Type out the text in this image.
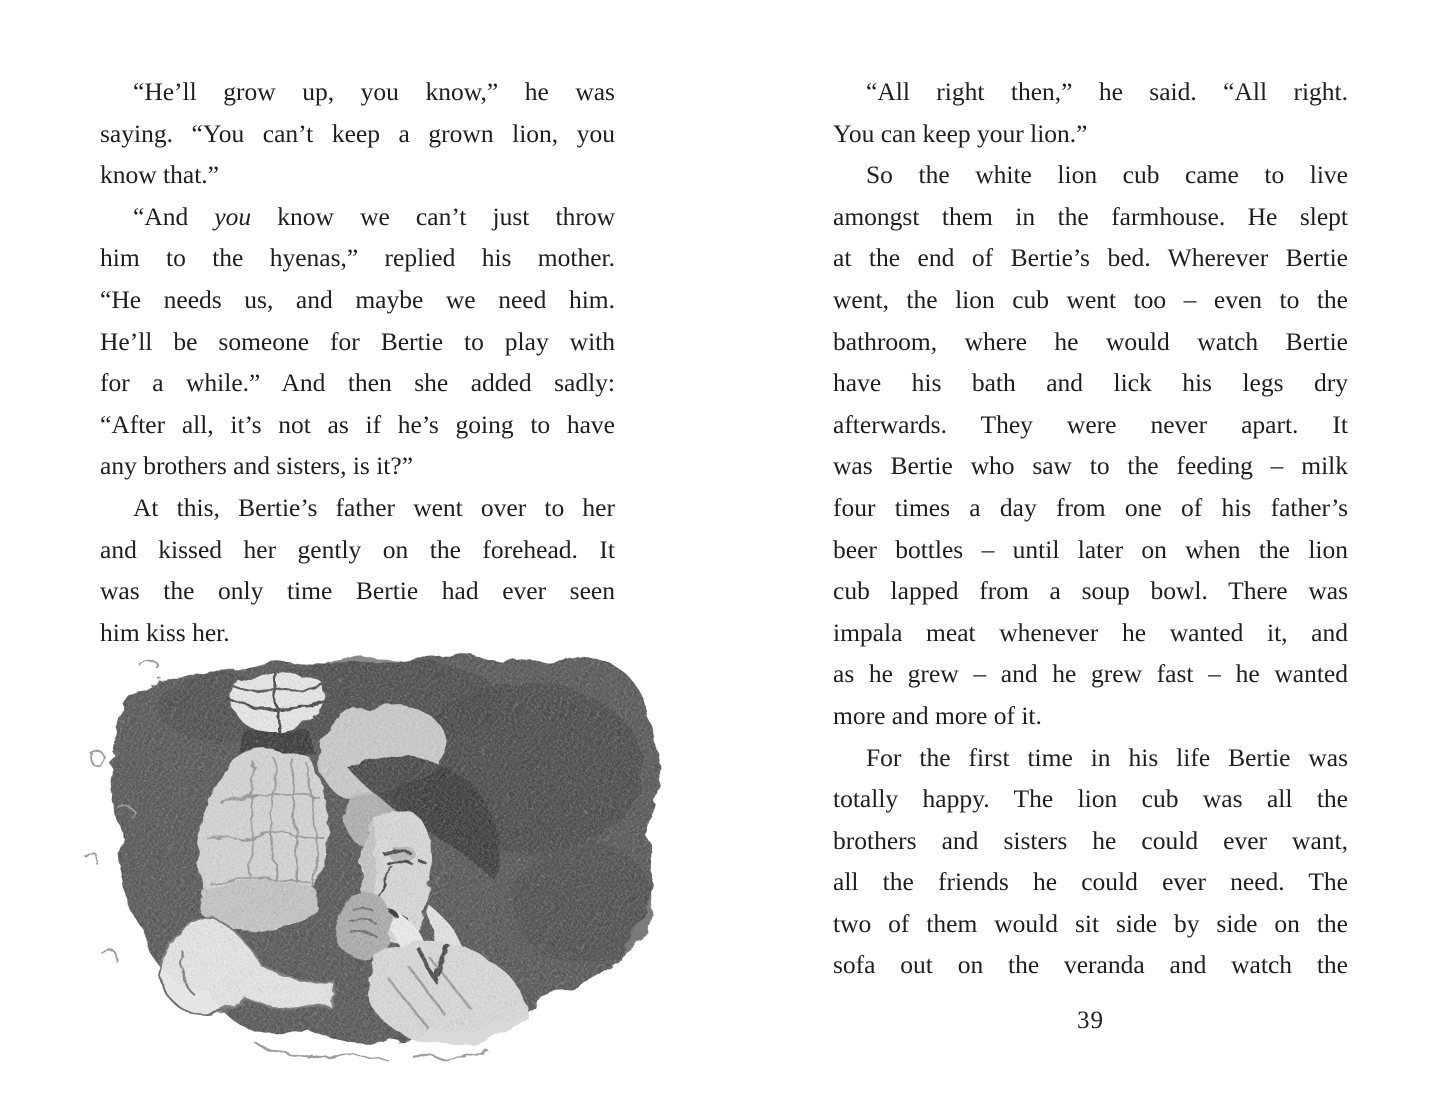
“He’ll grow up, you know,” he was
saying. “You can’t keep a grown lion, you
know that.”
“And you know we can’t just throw
him to the hyenas,” replied his mother.
“He needs us, and maybe we need him.
He’ll be someone for Bertie to play with
for a while.” And then she added sadly:
“After all, it’s not as if he’s going to have
any brothers and sisters, is it?”
At this, Bertie’s father went over to her
and kissed her gently on the forehead. It
was the only time Bertie had ever seen
him kiss her.
“All right then,” he said. “All right.
You can keep your lion.”
So the white lion cub came to live
amongst them in the farmhouse. He slept
at the end of Bertie’s bed. Wherever Bertie
went, the lion cub went too – even to the
bathroom, where he would watch Bertie
have his bath and lick his legs dry
afterwards. They were never apart. It
was Bertie who saw to the feeding – milk
four times a day from one of his father’s
beer bottles – until later on when the lion
cub lapped from a soup bowl. There was
impala meat whenever he wanted it, and
as he grew – and he grew fast – he wanted
more and more of it.
For the first time in his life Bertie was
totally happy. The lion cub was all the
brothers and sisters he could ever want,
all the friends he could ever need. The
two of them would sit side by side on the
sofa out on the veranda and watch the
39
